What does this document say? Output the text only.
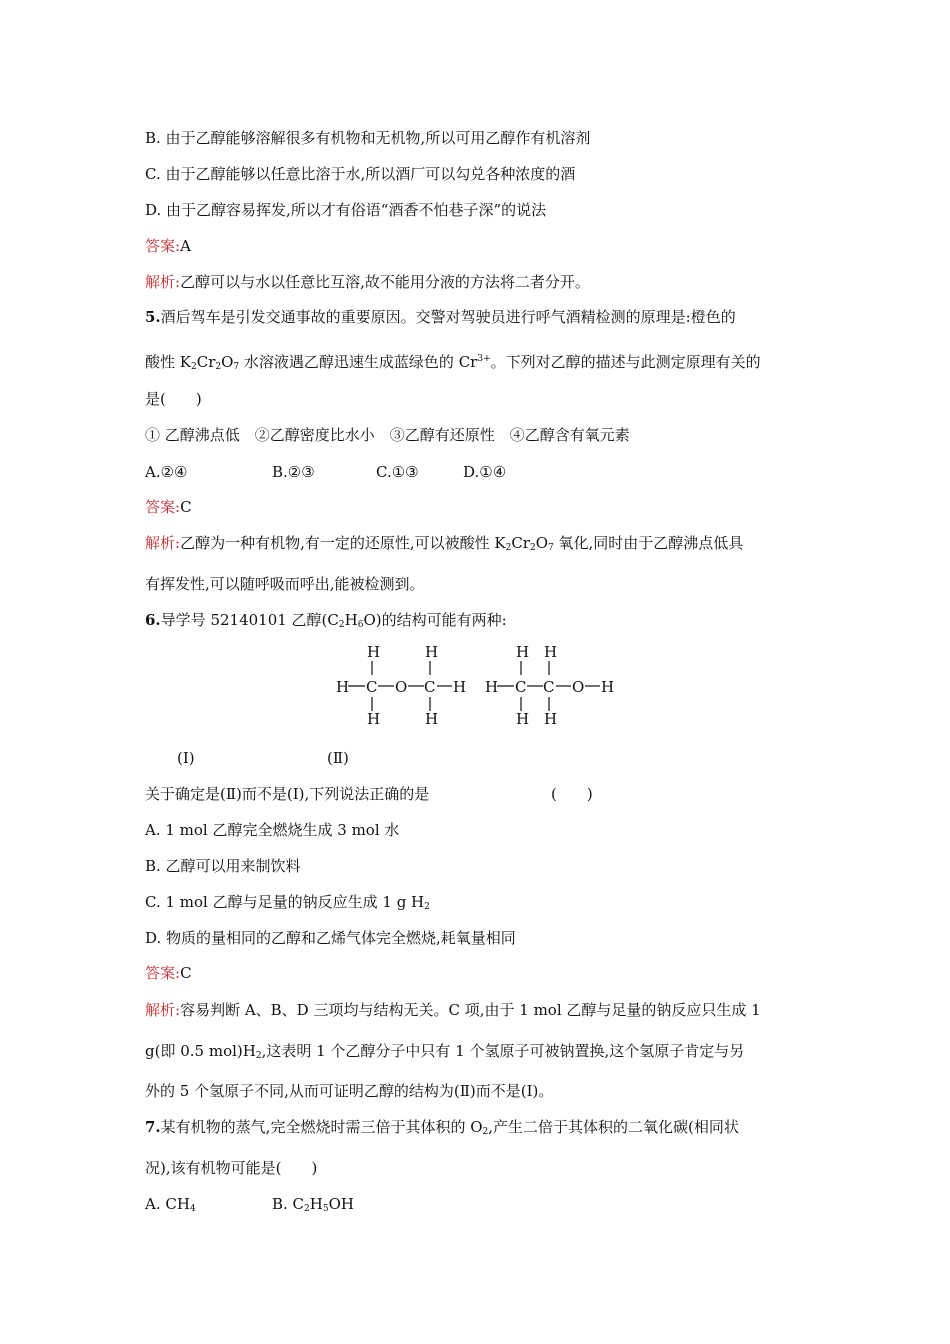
B. 由于乙醇能够溶解很多有机物和无机物,所以可用乙醇作有机溶剂
C. 由于乙醇能够以任意比溶于水,所以酒厂可以勾兑各种浓度的酒
D. 由于乙醇容易挥发,所以才有俗语“酒香不怕巷子深”的说法
答案:A
解析:乙醇可以与水以任意比互溶,故不能用分液的方法将二者分开。
5.酒后驾车是引发交通事故的重要原因。交警对驾驶员进行呼气酒精检测的原理是:橙色的
酸性 $K_2Cr_2O_7$ 水溶液遇乙醇迅速生成蓝绿色的 $Cr^{3+}$。下列对乙醇的描述与此测定原理有关的
是(　　)
① 乙醇沸点低　②乙醇密度比水小　③乙醇有还原性　④乙醇含有氧元素
A.②④	B.②③	C.①③	D.①④
答案:C
解析:乙醇为一种有机物,有一定的还原性,可以被酸性 $K_2Cr_2O_7$ 氧化,同时由于乙醇沸点低具
有挥发性,可以随呼吸而呼出,能被检测到。
6.导学号 52140101 乙醇$(C_2H_6O)$的结构可能有两种:
H	H
H C O C H
H	H
H H
H C C O H
H H
(Ⅰ)	(Ⅱ)
关于确定是(Ⅱ)而不是(Ⅰ),下列说法正确的是	(　　)
A. 1 mol 乙醇完全燃烧生成 3 mol 水
B. 乙醇可以用来制饮料
C. 1 mol 乙醇与足量的钠反应生成 1 g $H_2$
D. 物质的量相同的乙醇和乙烯气体完全燃烧,耗氧量相同
答案:C
解析:容易判断 A、B、D 三项均与结构无关。C 项,由于 1 mol 乙醇与足量的钠反应只生成 1
g(即 0.5 $mol)H_2$,这表明 1 个乙醇分子中只有 1 个氢原子可被钠置换,这个氢原子肯定与另
外的 5 个氢原子不同,从而可证明乙醇的结构为(Ⅱ)而不是(Ⅰ)。
7.某有机物的蒸气,完全燃烧时需三倍于其体积的 $O_2$,产生二倍于其体积的二氧化碳(相同状
况),该有机物可能是(　　)
A. $CH_4$	B. $C_2H_5OH$
